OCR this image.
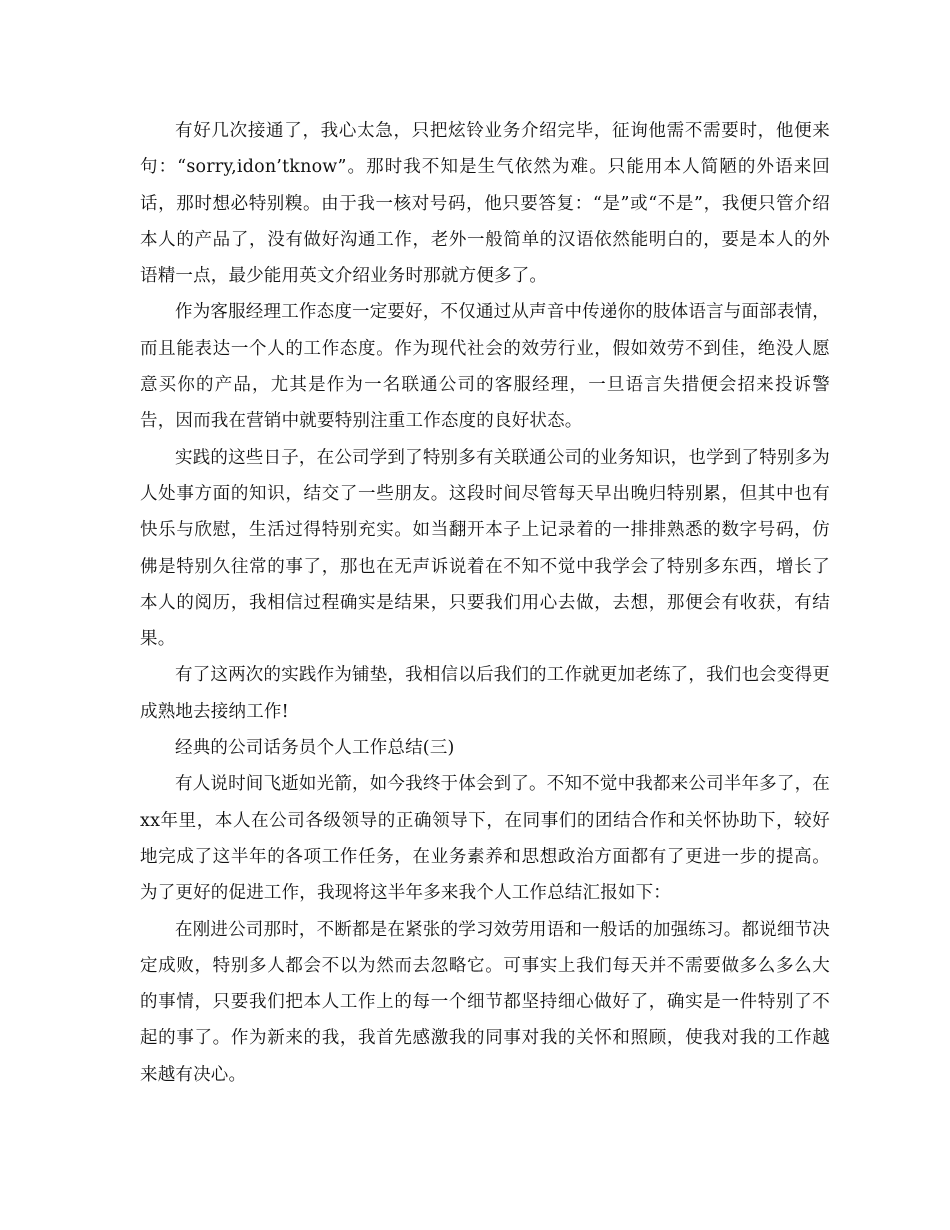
有好几次接通了，我心太急，只把炫铃业务介绍完毕，征询他需不需要时，他便来句：“sorry,idon’tknow”。那时我不知是生气依然为难。只能用本人简陋的外语来回话，那时想必特别糗。由于我一核对号码，他只要答复：“是”或“不是”，我便只管介绍本人的产品了，没有做好沟通工作，老外一般简单的汉语依然能明白的，要是本人的外语精一点，最少能用英文介绍业务时那就方便多了。

作为客服经理工作态度一定要好，不仅通过从声音中传递你的肢体语言与面部表情，而且能表达一个人的工作态度。作为现代社会的效劳行业，假如效劳不到佳，绝没人愿意买你的产品，尤其是作为一名联通公司的客服经理，一旦语言失措便会招来投诉警告，因而我在营销中就要特别注重工作态度的良好状态。

实践的这些日子，在公司学到了特别多有关联通公司的业务知识，也学到了特别多为人处事方面的知识，结交了一些朋友。这段时间尽管每天早出晚归特别累，但其中也有快乐与欣慰，生活过得特别充实。如当翻开本子上记录着的一排排熟悉的数字号码，仿佛是特别久往常的事了，那也在无声诉说着在不知不觉中我学会了特别多东西，增长了本人的阅历，我相信过程确实是结果，只要我们用心去做，去想，那便会有收获，有结果。

有了这两次的实践作为铺垫，我相信以后我们的工作就更加老练了，我们也会变得更成熟地去接纳工作!

经典的公司话务员个人工作总结(三)

有人说时间飞逝如光箭，如今我终于体会到了。不知不觉中我都来公司半年多了，在xx年里，本人在公司各级领导的正确领导下，在同事们的团结合作和关怀协助下，较好地完成了这半年的各项工作任务，在业务素养和思想政治方面都有了更进一步的提高。为了更好的促进工作，我现将这半年多来我个人工作总结汇报如下：

在刚进公司那时，不断都是在紧张的学习效劳用语和一般话的加强练习。都说细节决定成败，特别多人都会不以为然而去忽略它。可事实上我们每天并不需要做多么多么大的事情，只要我们把本人工作上的每一个细节都坚持细心做好了，确实是一件特别了不起的事了。作为新来的我，我首先感激我的同事对我的关怀和照顾，使我对我的工作越来越有决心。
